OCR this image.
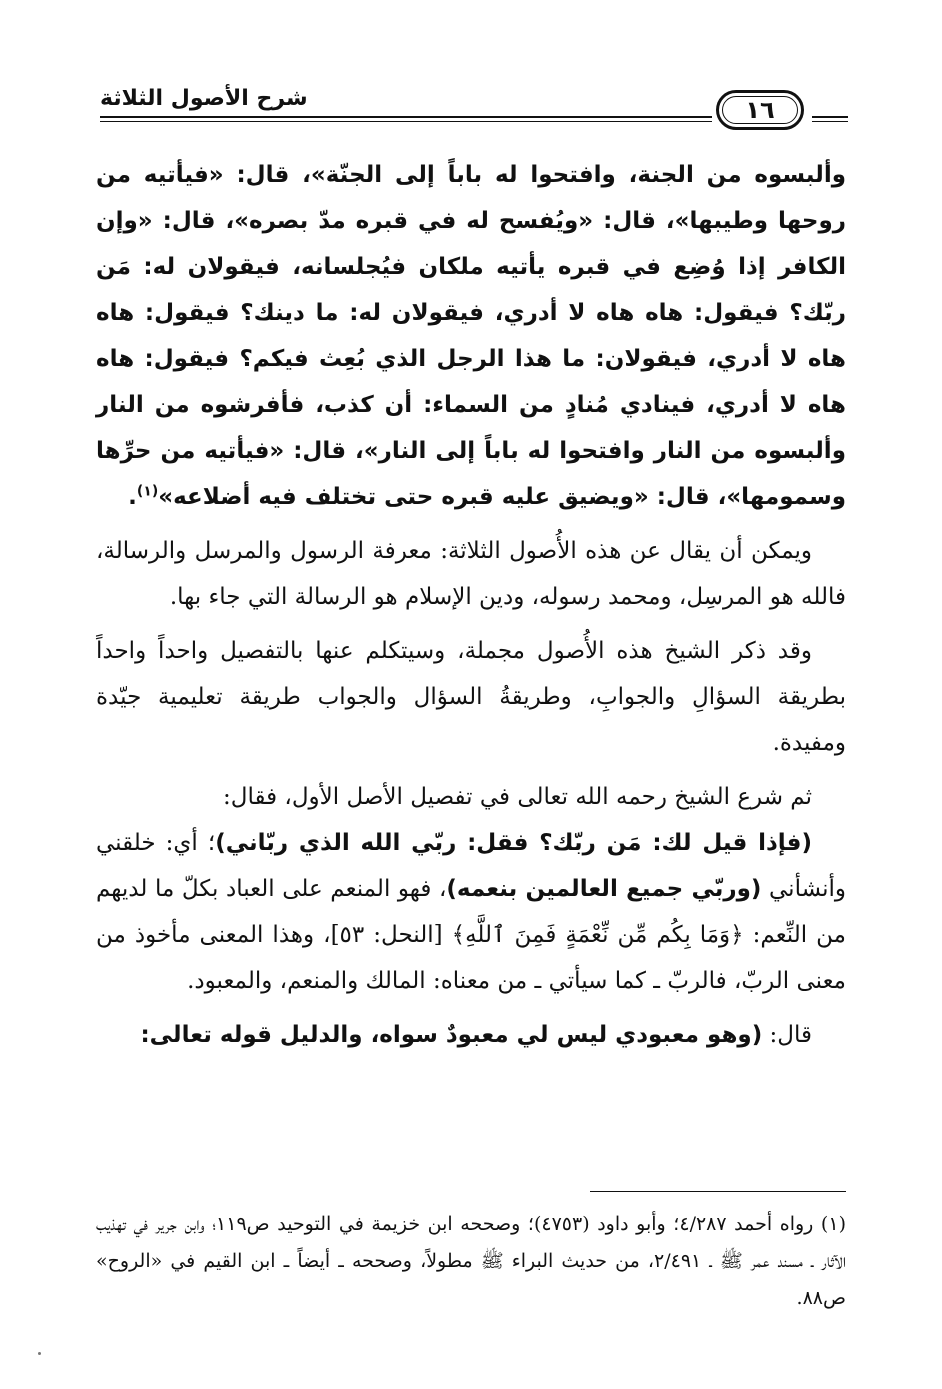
شرح الأصول الثلاثة	١٦

وألبسوه من الجنة، وافتحوا له باباً إلى الجنّة»، قال: «فيأتيه من روحها وطيبها»، قال: «ويُفسح له في قبره مدّ بصره»، قال: «وإن الكافر إذا وُضِع في قبره يأتيه ملكان فيُجلسانه، فيقولان له: مَن ربّك؟ فيقول: هاه هاه لا أدري، فيقولان له: ما دينك؟ فيقول: هاه هاه لا أدري، فيقولان: ما هذا الرجل الذي بُعِث فيكم؟ فيقول: هاه هاه لا أدري، فينادي مُنادٍ من السماء: أن كذب، فأفرشوه من النار وألبسوه من النار وافتحوا له باباً إلى النار»، قال: «فيأتيه من حرِّها وسمومها»، قال: «ويضيق عليه قبره حتى تختلف فيه أضلاعه»$^{(١)}$.

ويمكن أن يقال عن هذه الأُصول الثلاثة: معرفة الرسول والمرسل والرسالة، فالله هو المرسِل، ومحمد رسوله، ودين الإسلام هو الرسالة التي جاء بها.

وقد ذكر الشيخ هذه الأُصول مجملة، وسيتكلم عنها بالتفصيل واحداً واحداً بطريقة السؤالِ والجوابِ، وطريقةُ السؤال والجواب طريقة تعليمية جيّدة ومفيدة.

ثم شرع الشيخ رحمه الله تعالى في تفصيل الأصل الأول، فقال:

(فإذا قيل لك: مَن ربّك؟ فقل: ربّي الله الذي ربّاني)؛ أي: خلقني وأنشأني (وربّي جميع العالمين بنعمه)، فهو المنعم على العباد بكلّ ما لديهم من النِّعم: ﴿وَمَا بِكُم مِّن نِّعْمَةٍ فَمِنَ ٱللَّهِ﴾ [النحل: ٥٣]، وهذا المعنى مأخوذ من معنى الربّ، فالربّ ـ كما سيأتي ـ من معناه: المالك والمنعم، والمعبود.

قال: (وهو معبودي ليس لي معبودٌ سواه، والدليل قوله تعالى:

(١) رواه أحمد ٤/٢٨٧؛ وأبو داود (٤٧٥٣)؛ وصححه ابن خزيمة في التوحيد ص١١٩؛ وابن جرير في تهذيب الآثار ـ مسند عمر ﷺ ـ ٢/٤٩١، من حديث البراء ﷺ مطولاً، وصححه ـ أيضاً ـ ابن القيم في «الروح» ص٨٨.
